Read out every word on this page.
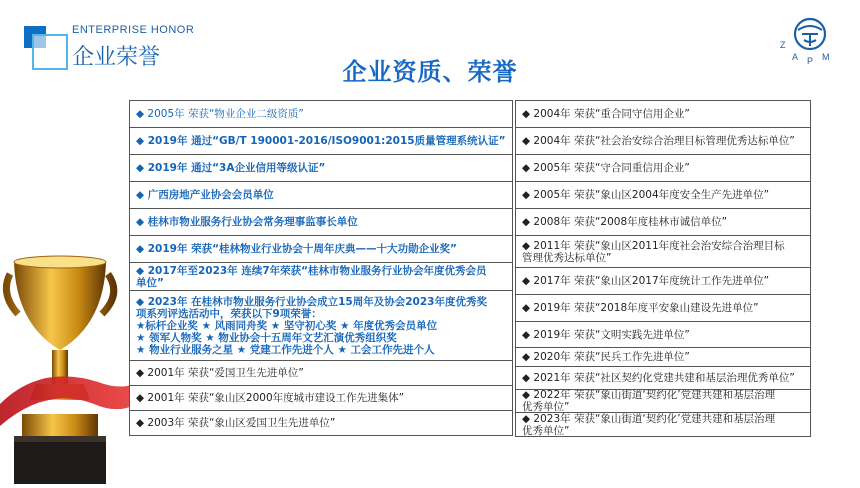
ENTERPRISE HONOR
企业荣誉	Z
A P M
企业资质、荣誉
◆ 2005年 荣获“物业企业二级资质”
◆ 2019年 通过“GB/T 190001-2016/ISO9001:2015质量管理系统认证”
◆ 2019年 通过“3A企业信用等级认证”
◆ 广西房地产业协会会员单位
◆ 桂林市物业服务行业协会常务理事监事长单位
◆ 2019年 荣获“桂林物业行业协会十周年庆典——十大功勋企业奖”
◆ 2017年至2023年 连续7年荣获“桂林市物业服务行业协会年度优秀会员
单位”
◆ 2023年 在桂林市物业服务行业协会成立15周年及协会2023年度优秀奖
项系列评选活动中，荣获以下9项荣誉：
★标杆企业奖 ★ 风雨同舟奖 ★ 坚守初心奖 ★ 年度优秀会员单位
★ 领军人物奖 ★ 物业协会十五周年文艺汇演优秀组织奖
★ 物业行业服务之星 ★ 党建工作先进个人 ★ 工会工作先进个人
◆ 2001年 荣获“爱国卫生先进单位”
◆ 2001年 荣获“象山区2000年度城市建设工作先进集体”
◆ 2003年 荣获“象山区爱国卫生先进单位”
◆ 2004年 荣获“重合同守信用企业”
◆ 2004年 荣获“社会治安综合治理目标管理优秀达标单位”
◆ 2005年 荣获“守合同重信用企业”
◆ 2005年 荣获“象山区2004年度安全生产先进单位”
◆ 2008年 荣获“2008年度桂林市诚信单位”
◆ 2011年 荣获“象山区2011年度社会治安综合治理目标
管理优秀达标单位”
◆ 2017年 荣获“象山区2017年度统计工作先进单位”
◆ 2019年 荣获“2018年度平安象山建设先进单位”
◆ 2019年 荣获“文明实践先进单位”
◆ 2020年 荣获“民兵工作先进单位”
◆ 2021年 荣获“社区契约化党建共建和基层治理优秀单位”
◆ 2022年 荣获“象山街道‘契约化’党建共建和基层治理
优秀单位”
◆ 2023年 荣获“象山街道‘契约化’党建共建和基层治理
优秀单位”
